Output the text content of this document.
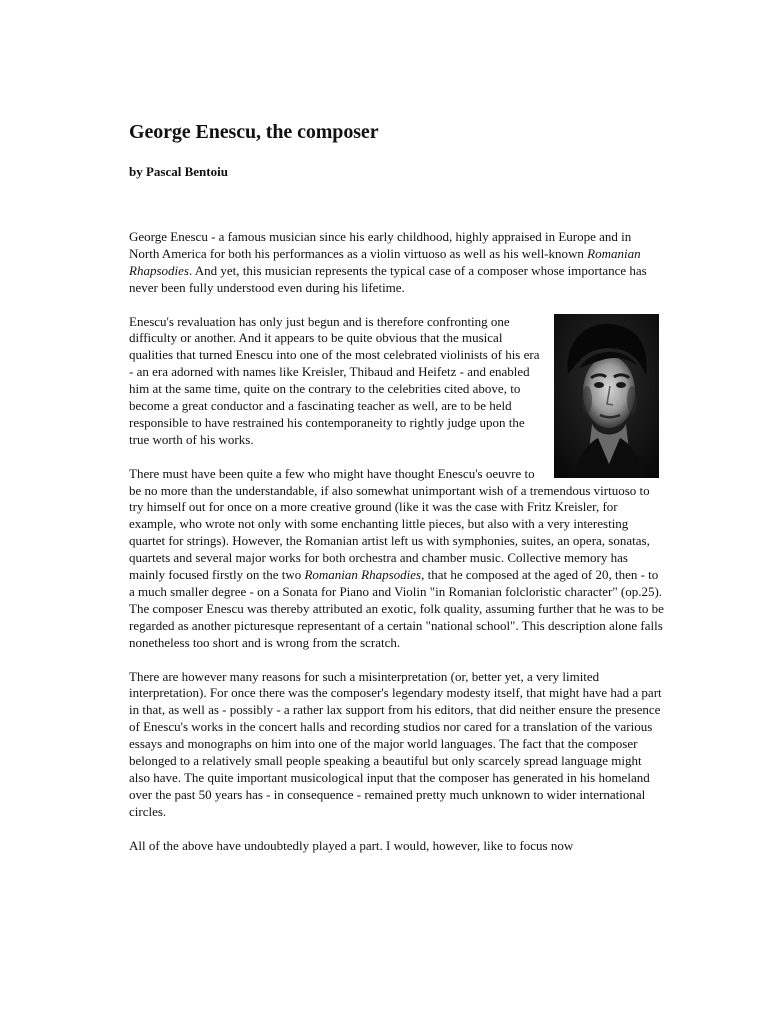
George Enescu, the composer

by Pascal Bentoiu

George Enescu - a famous musician since his early childhood, highly appraised in Europe and in North America for both his performances as a violin virtuoso as well as his well-known Romanian Rhapsodies. And yet, this musician represents the typical case of a composer whose importance has never been fully understood even during his lifetime.

Enescu's revaluation has only just begun and is therefore confronting one difficulty or another. And it appears to be quite obvious that the musical qualities that turned Enescu into one of the most celebrated violinists of his era - an era adorned with names like Kreisler, Thibaud and Heifetz - and enabled him at the same time, quite on the contrary to the celebrities cited above, to become a great conductor and a fascinating teacher as well, are to be held responsible to have restrained his contemporaneity to rightly judge upon the true worth of his works.

There must have been quite a few who might have thought Enescu's oeuvre to be no more than the understandable, if also somewhat unimportant wish of a tremendous virtuoso to try himself out for once on a more creative ground (like it was the case with Fritz Kreisler, for example, who wrote not only with some enchanting little pieces, but also with a very interesting quartet for strings). However, the Romanian artist left us with symphonies, suites, an opera, sonatas, quartets and several major works for both orchestra and chamber music. Collective memory has mainly focused firstly on the two Romanian Rhapsodies, that he composed at the aged of 20, then - to a much smaller degree - on a Sonata for Piano and Violin "in Romanian folcloristic character" (op.25). The composer Enescu was thereby attributed an exotic, folk quality, assuming further that he was to be regarded as another picturesque representant of a certain "national school". This description alone falls nonetheless too short and is wrong from the scratch.

There are however many reasons for such a misinterpretation (or, better yet, a very limited interpretation). For once there was the composer's legendary modesty itself, that might have had a part in that, as well as - possibly - a rather lax support from his editors, that did neither ensure the presence of Enescu's works in the concert halls and recording studios nor cared for a translation of the various essays and monographs on him into one of the major world languages. The fact that the composer belonged to a relatively small people speaking a beautiful but only scarcely spread language might also have. The quite important musicological input that the composer has generated in his homeland over the past 50 years has - in consequence - remained pretty much unknown to wider international circles.

All of the above have undoubtedly played a part. I would, however, like to focus now
